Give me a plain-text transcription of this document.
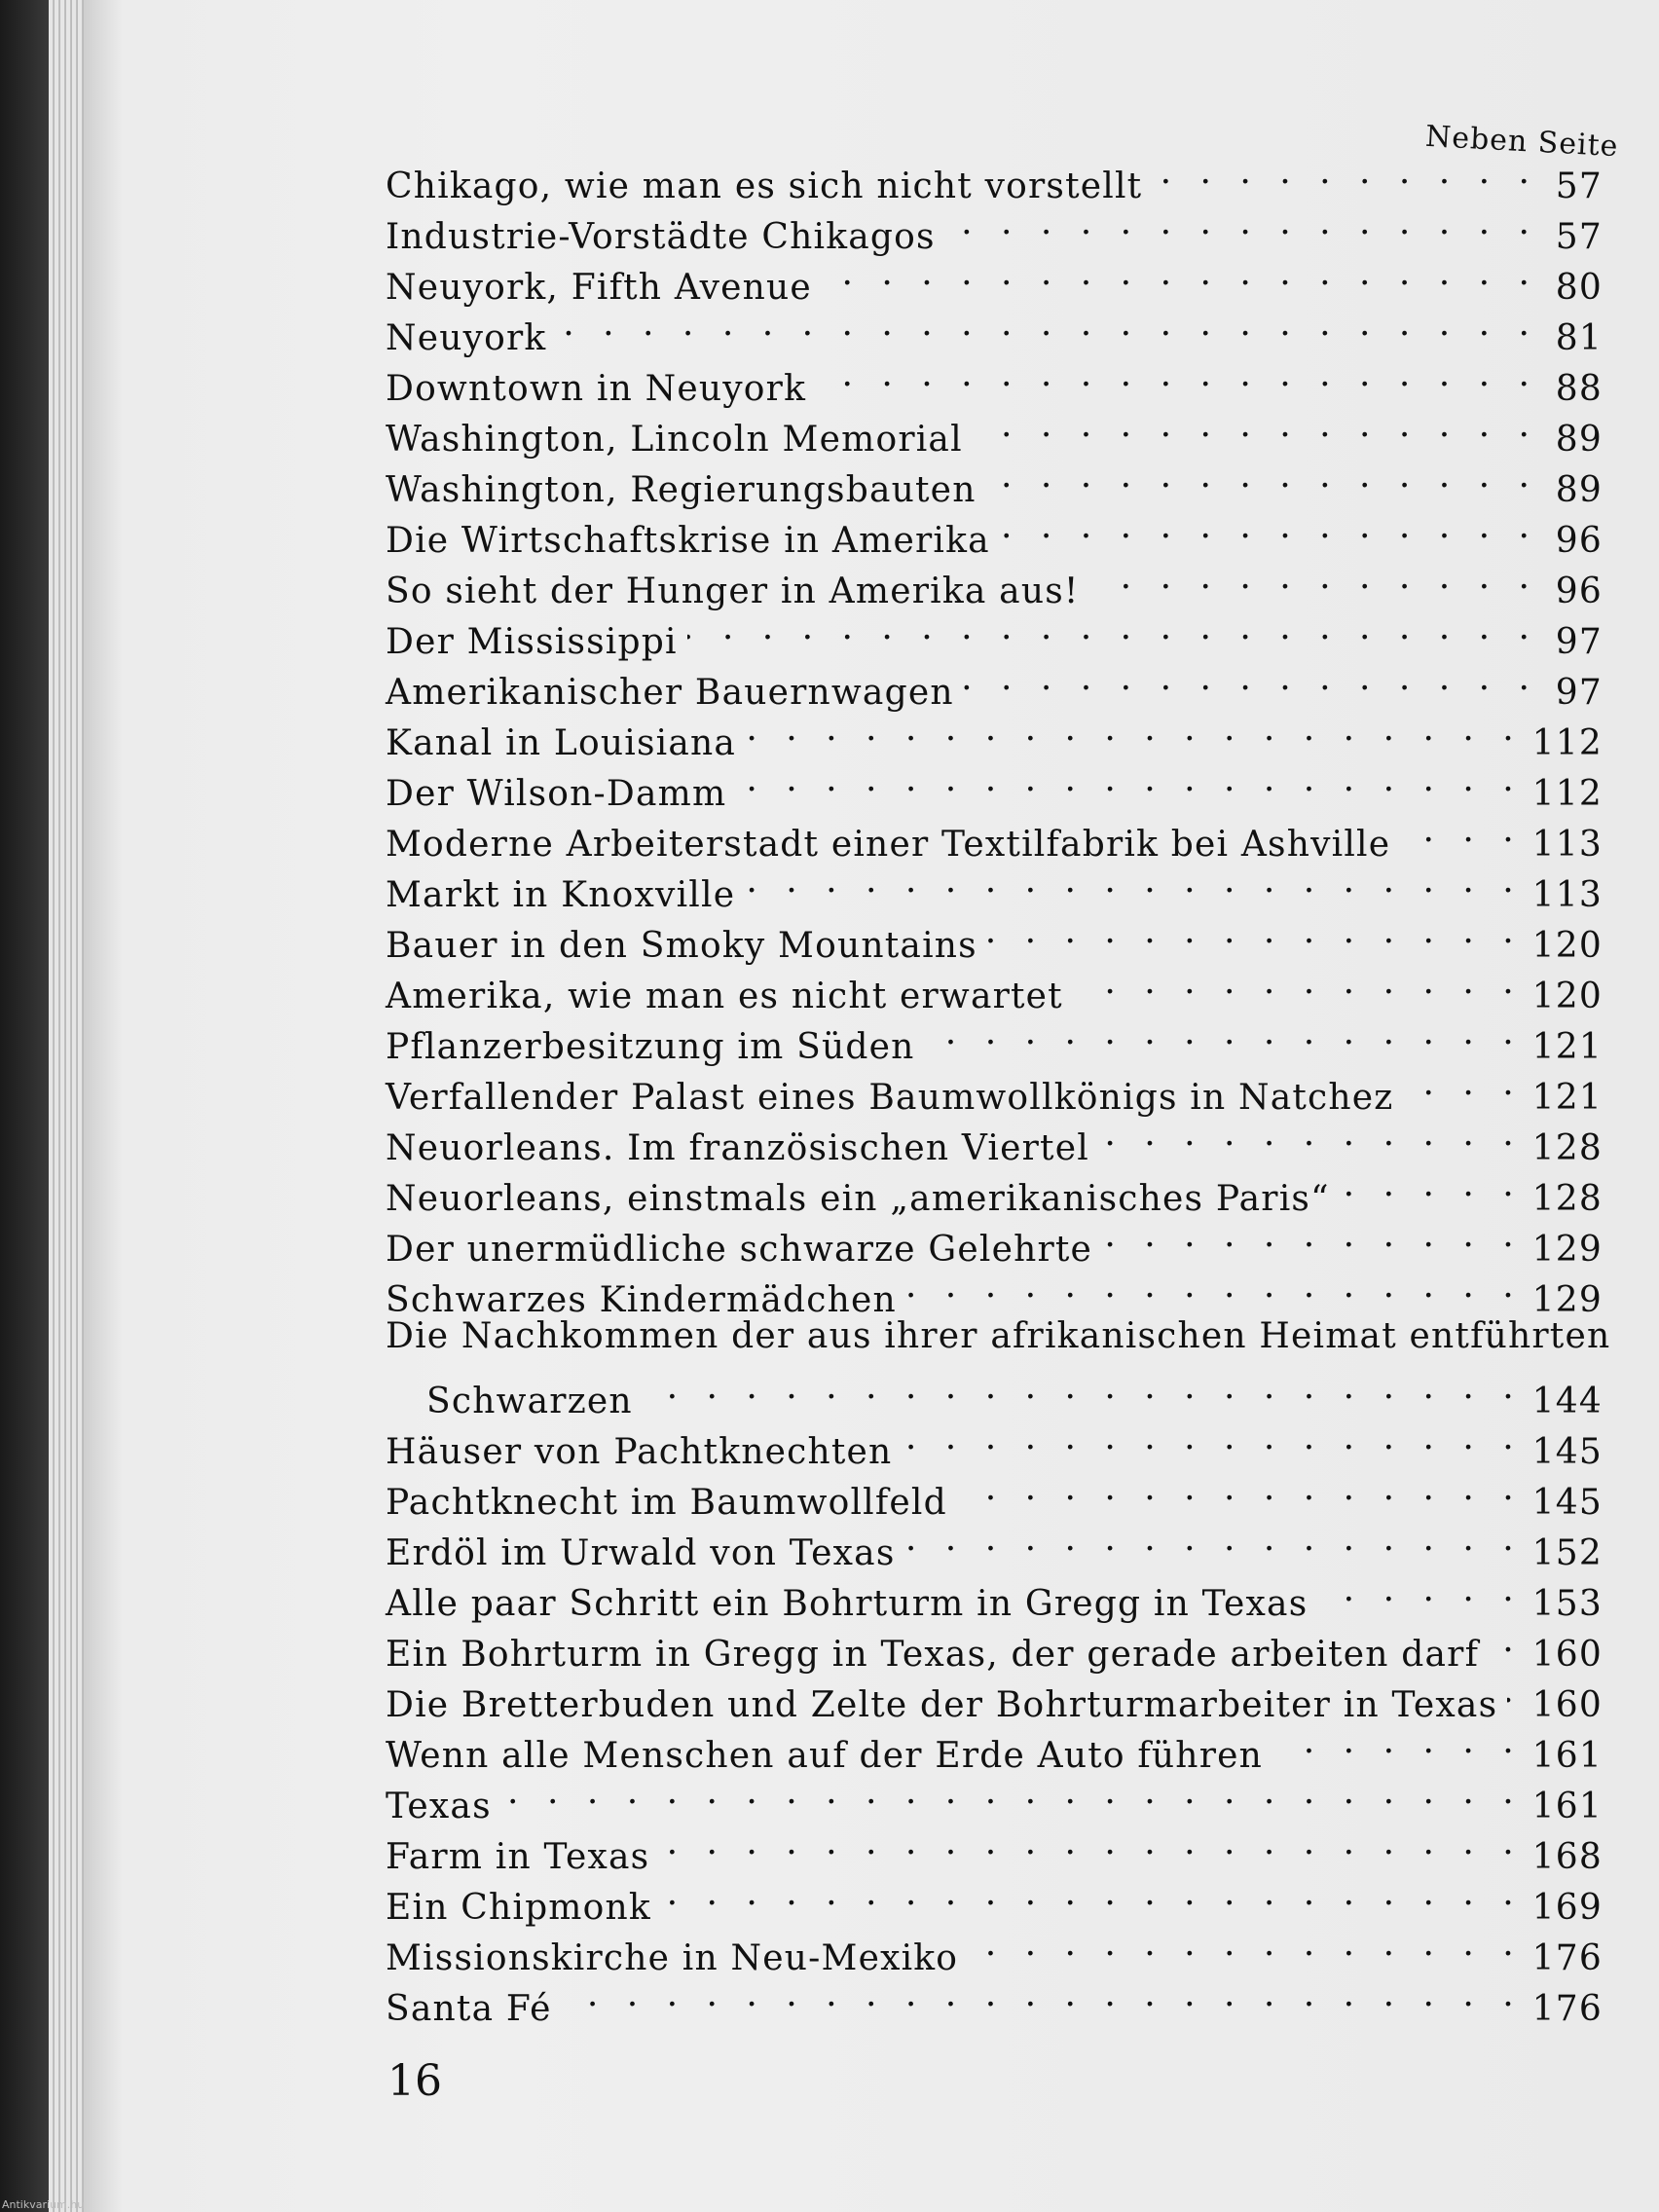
Neben Seite
Chikago, wie man es sich nicht vorstellt . . .	57
Industrie-Vorstädte Chikagos . . .	57
Neuyork, Fifth Avenue . . .	80
Neuyork . . .	81
Downtown in Neuyork . . .	88
Washington, Lincoln Memorial . . .	89
Washington, Regierungsbauten . . .	89
Die Wirtschaftskrise in Amerika . . .	96
So sieht der Hunger in Amerika aus! . . .	96
Der Mississippi . . .	97
Amerikanischer Bauernwagen . . .	97
Kanal in Louisiana . . .	112
Der Wilson-Damm . . .	112
Moderne Arbeiterstadt einer Textilfabrik bei Ashville . . .	113
Markt in Knoxville . . .	113
Bauer in den Smoky Mountains . . .	120
Amerika, wie man es nicht erwartet . . .	120
Pflanzerbesitzung im Süden . . .	121
Verfallender Palast eines Baumwollkönigs in Natchez . . .	121
Neuorleans. Im französischen Viertel . . .	128
Neuorleans, einstmals ein „amerikanisches Paris“ . . .	128
Der unermüdliche schwarze Gelehrte . . .	129
Schwarzes Kindermädchen . . .	129
Die Nachkommen der aus ihrer afrikanischen Heimat entführten
Schwarzen . . .	144
Häuser von Pachtknechten . . .	145
Pachtknecht im Baumwollfeld . . .	145
Erdöl im Urwald von Texas . . .	152
Alle paar Schritt ein Bohrturm in Gregg in Texas . . .	153
Ein Bohrturm in Gregg in Texas, der gerade arbeiten darf . . . 160
Die Bretterbuden und Zelte der Bohrturmarbeiter in Texas . . . 160
Wenn alle Menschen auf der Erde Auto führen . . .	161
Texas . . .	161
Farm in Texas . . .	168
Ein Chipmonk . . .	169
Missionskirche in Neu-Mexiko . . .	176
Santa Fé . . .	176
16
Antikvarium.hu
